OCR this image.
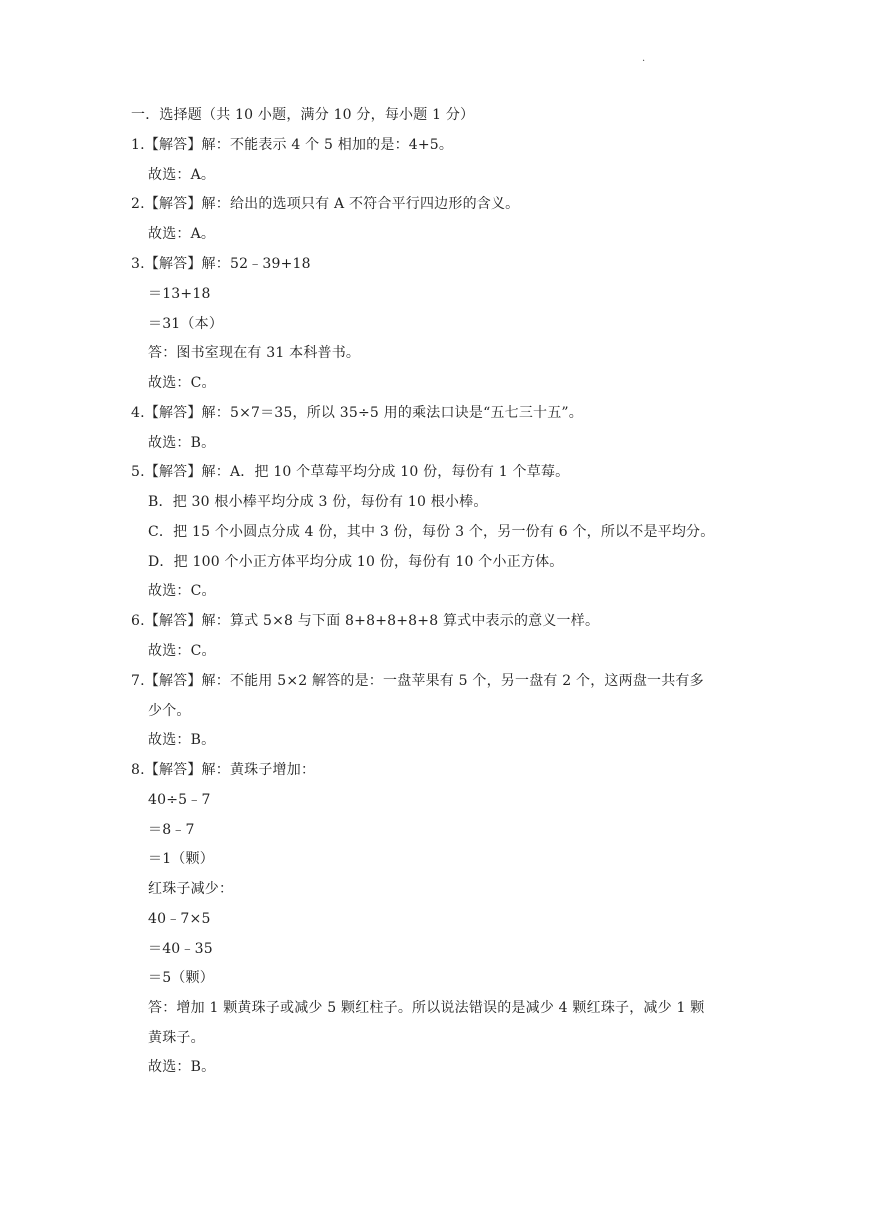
·
一．选择题（共 10 小题，满分 10 分，每小题 1 分）
1.【解答】解：不能表示 4 个 5 相加的是：4+5。
故选：A。
2.【解答】解：给出的选项只有 A 不符合平行四边形的含义。
故选：A。
3.【解答】解：52﹣39+18
＝13+18
＝31（本）
答：图书室现在有 31 本科普书。
故选：C。
4.【解答】解：5×7＝35，所以 35÷5 用的乘法口诀是“五七三十五”。
故选：B。
5.【解答】解：A．把 10 个草莓平均分成 10 份，每份有 1 个草莓。
B．把 30 根小棒平均分成 3 份，每份有 10 根小棒。
C．把 15 个小圆点分成 4 份，其中 3 份，每份 3 个，另一份有 6 个，所以不是平均分。
D．把 100 个小正方体平均分成 10 份，每份有 10 个小正方体。
故选：C。
6.【解答】解：算式 5×8 与下面 8+8+8+8+8 算式中表示的意义一样。
故选：C。
7.【解答】解：不能用 5×2 解答的是：一盘苹果有 5 个，另一盘有 2 个，这两盘一共有多
少个。
故选：B。
8.【解答】解：黄珠子增加：
40÷5﹣7
＝8﹣7
＝1（颗）
红珠子减少：
40﹣7×5
＝40﹣35
＝5（颗）
答：增加 1 颗黄珠子或减少 5 颗红柱子。所以说法错误的是减少 4 颗红珠子，减少 1 颗
黄珠子。
故选：B。
